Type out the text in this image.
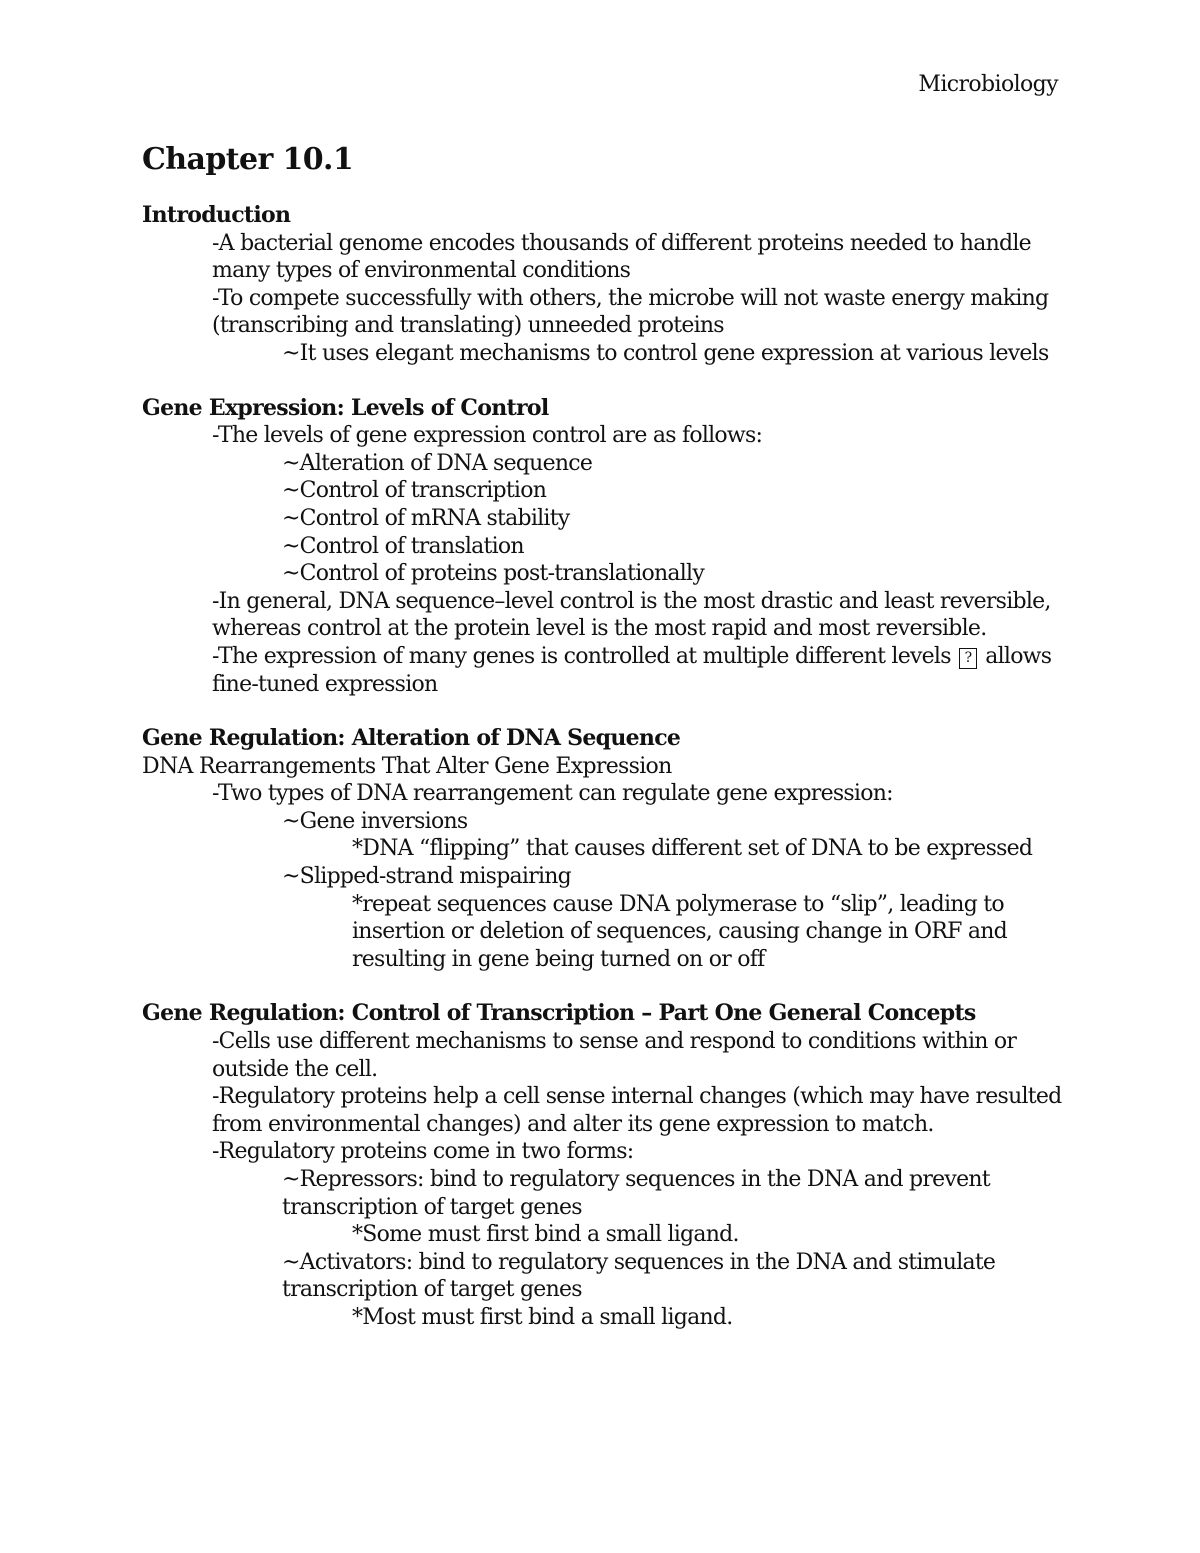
Microbiology
Chapter 10.1
Introduction
-A bacterial genome encodes thousands of different proteins needed to handle
many types of environmental conditions
-To compete successfully with others, the microbe will not waste energy making
(transcribing and translating) unneeded proteins
~It uses elegant mechanisms to control gene expression at various levels
Gene Expression: Levels of Control
-The levels of gene expression control are as follows:
~Alteration of DNA sequence
~Control of transcription
~Control of mRNA stability
~Control of translation
~Control of proteins post-translationally
-In general, DNA sequence–level control is the most drastic and least reversible,
whereas control at the protein level is the most rapid and most reversible.
-The expression of many genes is controlled at multiple different levels ? allows
fine-tuned expression
Gene Regulation: Alteration of DNA Sequence
DNA Rearrangements That Alter Gene Expression
-Two types of DNA rearrangement can regulate gene expression:
~Gene inversions
*DNA “flipping” that causes different set of DNA to be expressed
~Slipped-strand mispairing
*repeat sequences cause DNA polymerase to “slip”, leading to
insertion or deletion of sequences, causing change in ORF and
resulting in gene being turned on or off
Gene Regulation: Control of Transcription – Part One General Concepts
-Cells use different mechanisms to sense and respond to conditions within or
outside the cell.
-Regulatory proteins help a cell sense internal changes (which may have resulted
from environmental changes) and alter its gene expression to match.
-Regulatory proteins come in two forms:
~Repressors: bind to regulatory sequences in the DNA and prevent
transcription of target genes
*Some must first bind a small ligand.
~Activators: bind to regulatory sequences in the DNA and stimulate
transcription of target genes
*Most must first bind a small ligand.
